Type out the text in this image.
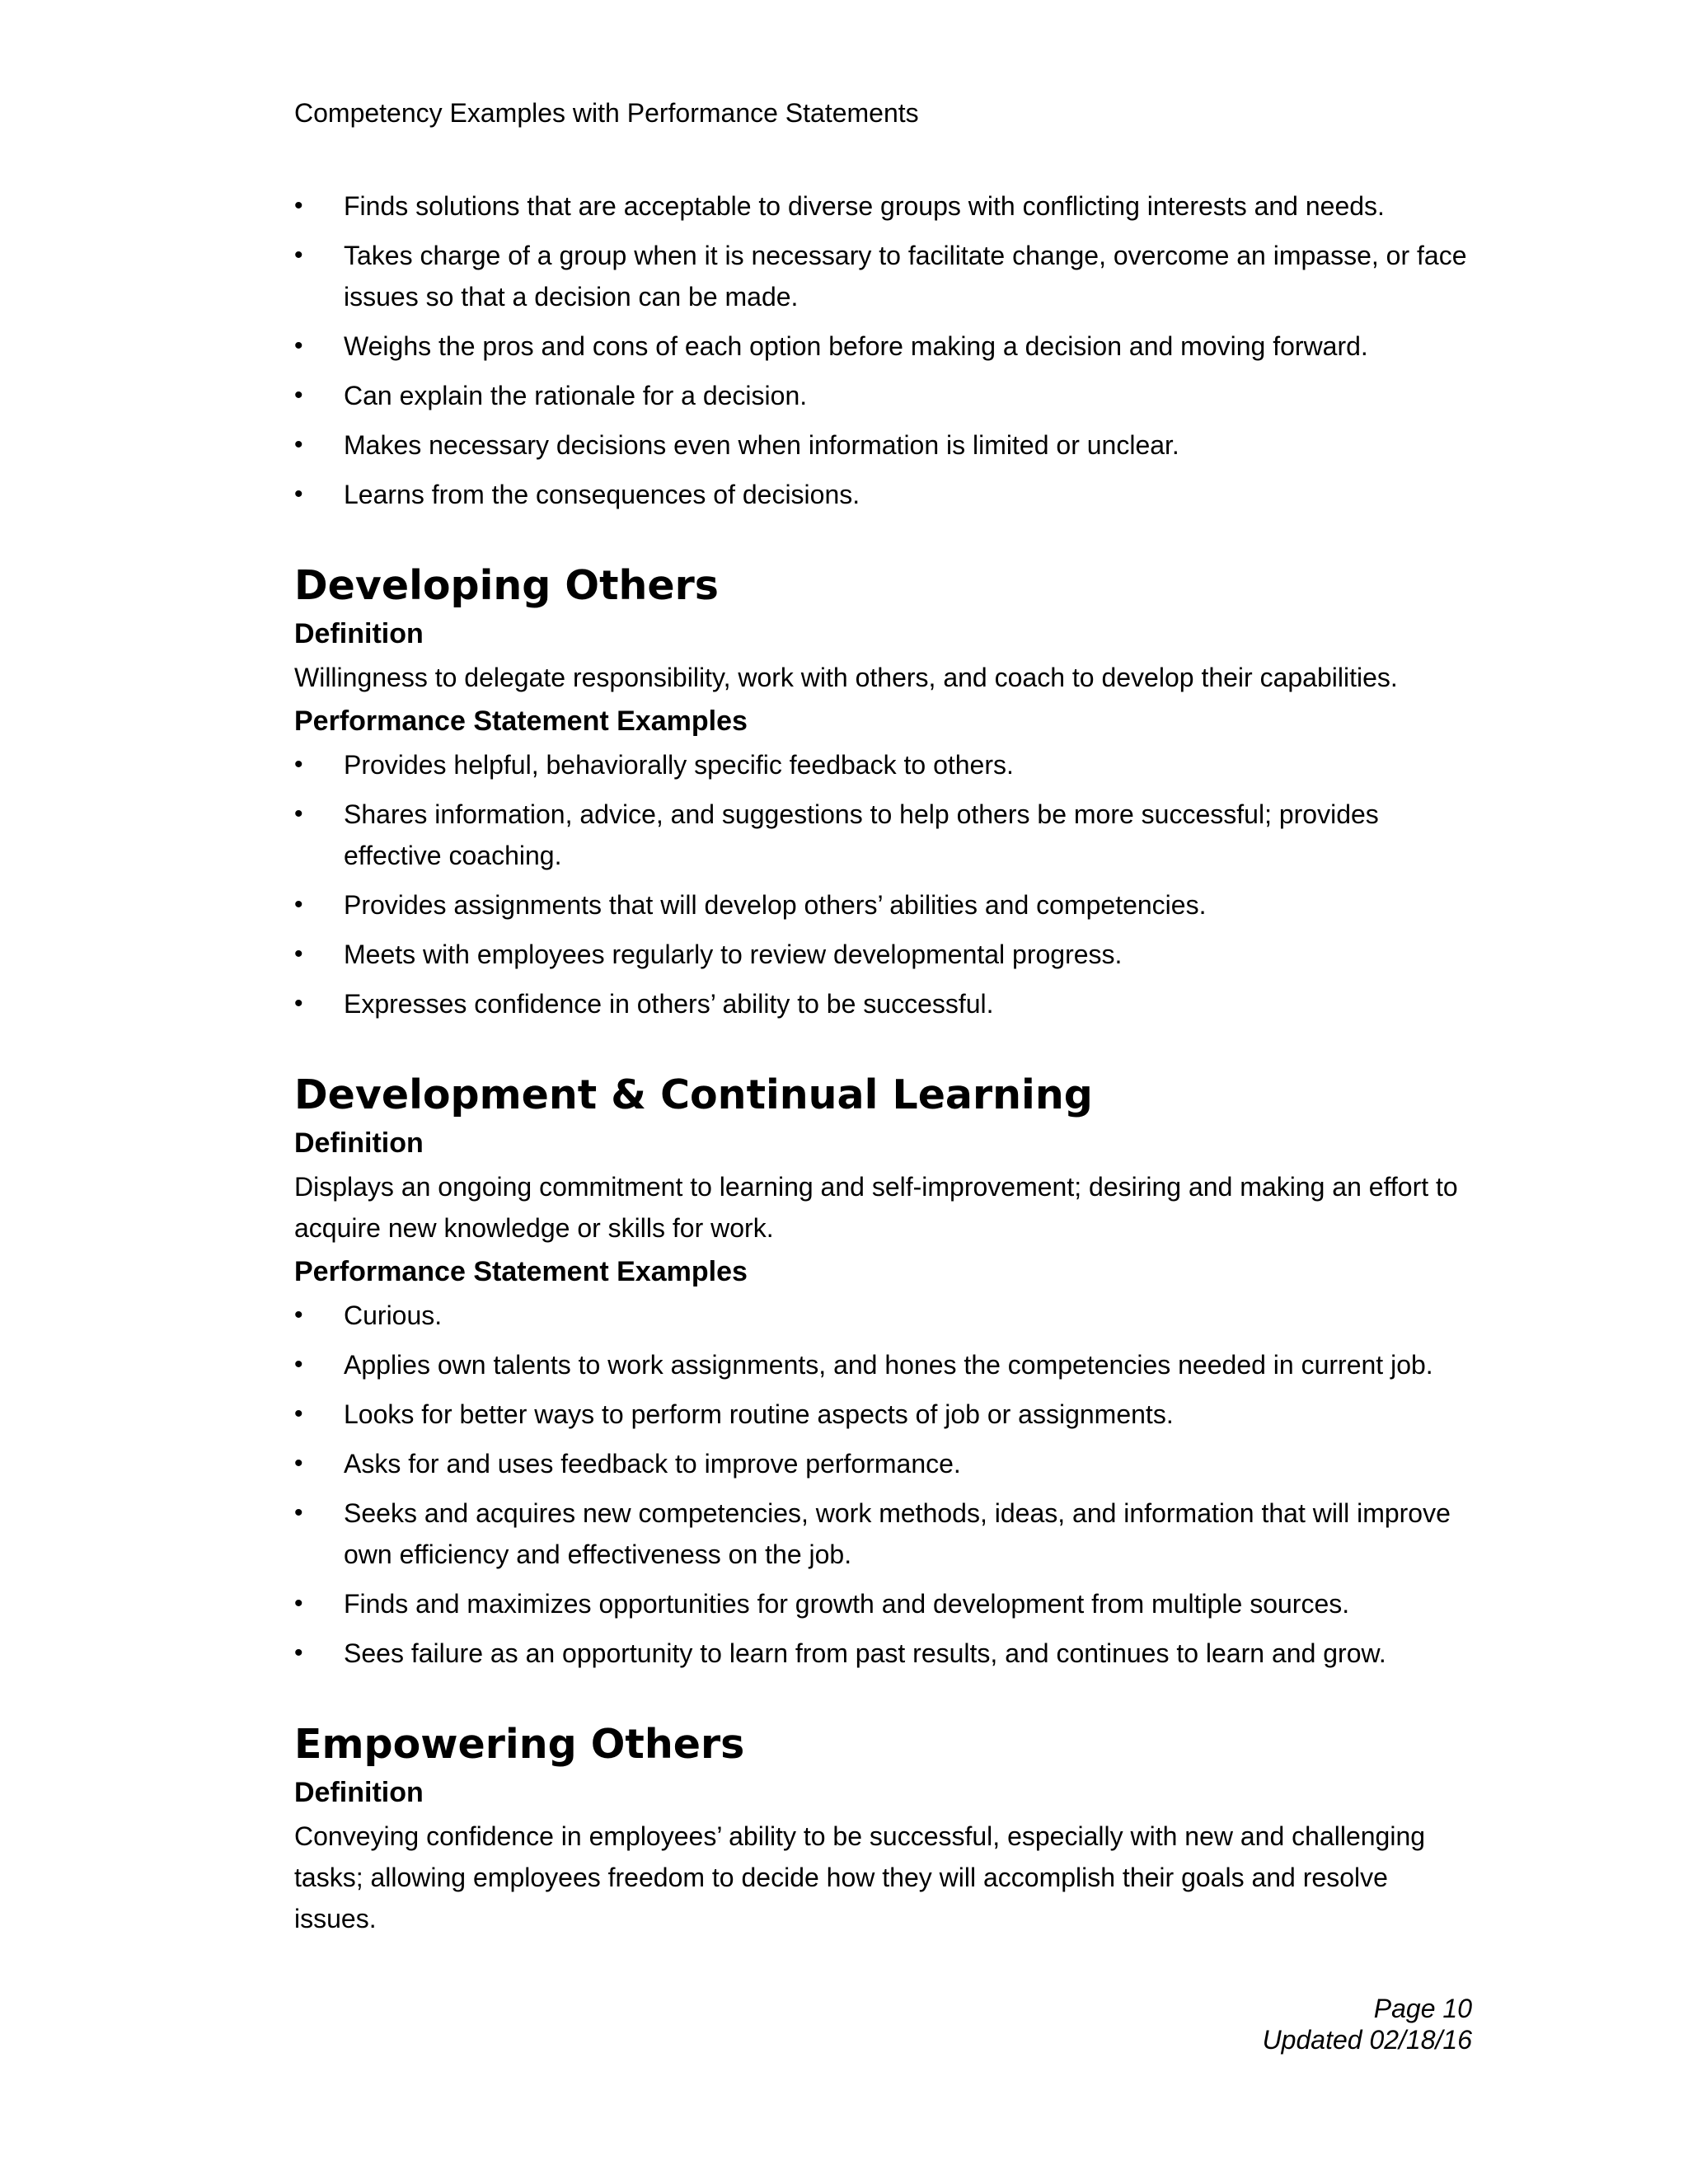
Competency Examples with Performance Statements
• Finds solutions that are acceptable to diverse groups with conflicting interests and needs.
• Takes charge of a group when it is necessary to facilitate change, overcome an impasse, or face issues so that a decision can be made.
• Weighs the pros and cons of each option before making a decision and moving forward.
• Can explain the rationale for a decision.
• Makes necessary decisions even when information is limited or unclear.
• Learns from the consequences of decisions.
Developing Others
Definition
Willingness to delegate responsibility, work with others, and coach to develop their capabilities.
Performance Statement Examples
• Provides helpful, behaviorally specific feedback to others.
• Shares information, advice, and suggestions to help others be more successful; provides effective coaching.
• Provides assignments that will develop others’ abilities and competencies.
• Meets with employees regularly to review developmental progress.
• Expresses confidence in others’ ability to be successful.
Development & Continual Learning
Definition
Displays an ongoing commitment to learning and self-improvement; desiring and making an effort to acquire new knowledge or skills for work.
Performance Statement Examples
• Curious.
• Applies own talents to work assignments, and hones the competencies needed in current job.
• Looks for better ways to perform routine aspects of job or assignments.
• Asks for and uses feedback to improve performance.
• Seeks and acquires new competencies, work methods, ideas, and information that will improve own efficiency and effectiveness on the job.
• Finds and maximizes opportunities for growth and development from multiple sources.
• Sees failure as an opportunity to learn from past results, and continues to learn and grow.
Empowering Others
Definition
Conveying confidence in employees’ ability to be successful, especially with new and challenging tasks; allowing employees freedom to decide how they will accomplish their goals and resolve issues.
Page 10
Updated 02/18/16
